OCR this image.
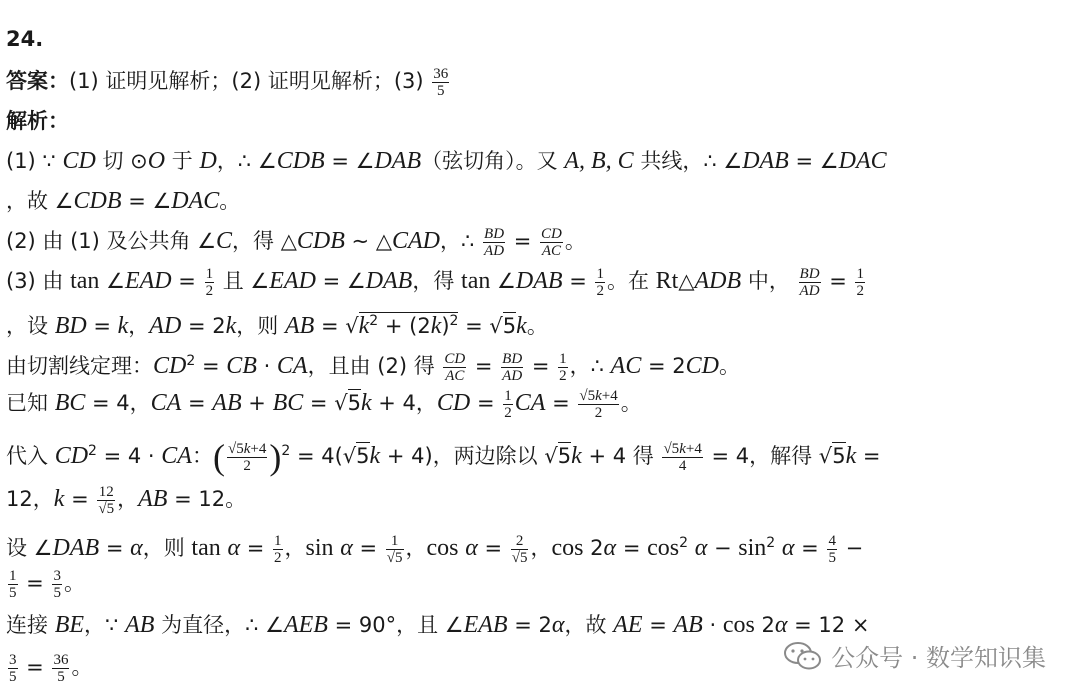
24.
答案：(1) 证明见解析；(2) 证明见解析；$(3) \frac{36}{5}$
解析：
(1) ∵ CD 切 ⊙O 于 D，∴ ∠CDB = ∠DAB（弦切角）。又 A, B, C 共线，∴ ∠DAB = ∠DAC
，故 ∠CDB = ∠DAC。
(2) 由 (1) 及公共角 ∠C，得 △CDB ∼ △CAD，∴ $\frac{BD}{AD} = \frac{CD}{AC}$ 。
(3) 由 tan ∠EAD = $\frac{1}{2}$ 且 ∠EAD = ∠DAB，得 tan ∠DAB = $\frac{1}{2}$ 。在 Rt△ADB 中， $\frac{BD}{AD} = \frac{1}{2}$
，设 BD = k，AD = 2k，则 AB = $√k^2 + (2k)^2 = √5k$。
由切割线定理：$CD^2$ = CB · CA，且由 (2) 得 $\frac{CD}{AC} = \frac{BD}{AD} = \frac{1}{2}$ ，∴ AC = 2CD。
已知 BC = 4，CA = AB + BC = √5k + 4，CD = $\frac{1}{2}$ CA = $\frac{√5k+4}{2}$ 。
代入 $CD^2 = 4$ · CA：( $\frac{√5k+4}{2} )^2 = 4(√5k + 4)$，两边除以 √5k + 4 得 $\frac{√5k+4}{4} = 4$，解得 √5k =
12，$k = \frac{12}{√5}$ ，AB = 12。
设 ∠DAB = α，则 $\tan \alpha = \frac{1}{2}$ ，$\sin \alpha = \frac{1}{√5}$ ，$\cos \alpha = \frac{2}{√5}$ ，$\cos 2\alpha = \cos^2 \alpha - \sin^2 \alpha = \frac{4}{5}$ −
$\frac{1}{5} = \frac{3}{5}$ 。
连接 BE，∵ AB 为直径，∴ ∠AEB = 90°，且 ∠EAB = 2α，故 AE = AB · cos 2α = 12 ×
$\frac{3}{5} = \frac{36}{5}$ 。	公众号 · 数学知识集
